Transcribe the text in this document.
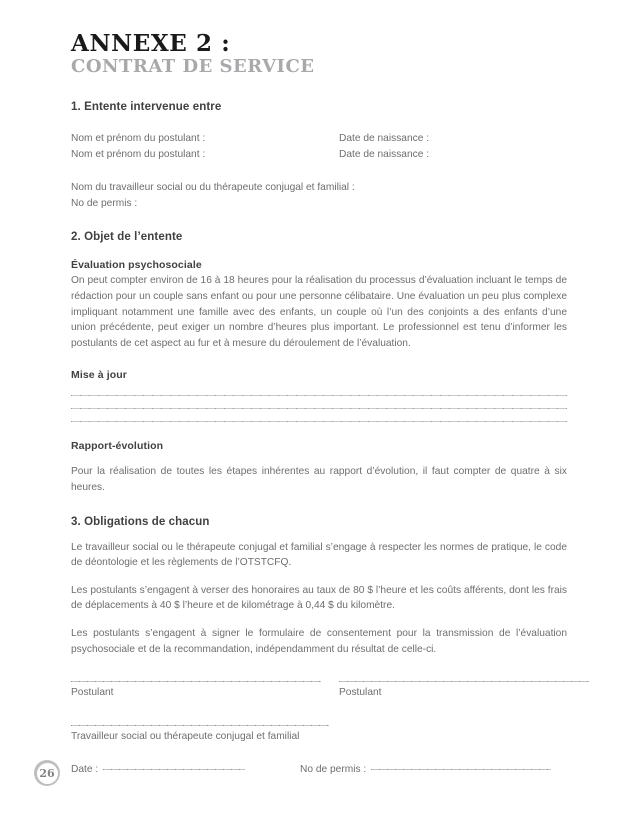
ANNEXE 2 :
CONTRAT DE SERVICE
1. Entente intervenue entre
Nom et prénom du postulant :	Date de naissance :
Nom et prénom du postulant :	Date de naissance :
Nom du travailleur social ou du thérapeute conjugal et familial :
No de permis :
2. Objet de l’entente
Évaluation psychosociale
On peut compter environ de 16 à 18 heures pour la réalisation du processus d’évaluation incluant le temps de rédaction pour un couple sans enfant ou pour une personne célibataire. Une évaluation un peu plus complexe impliquant notamment une famille avec des enfants, un couple où l’un des conjoints a des enfants d’une union précédente, peut exiger un nombre d’heures plus important. Le professionnel est tenu d’informer les postulants de cet aspect au fur et à mesure du déroulement de l’évaluation.
Mise à jour
Rapport-évolution
Pour la réalisation de toutes les étapes inhérentes au rapport d’évolution, il faut compter de quatre à six heures.
3. Obligations de chacun
Le travailleur social ou le thérapeute conjugal et familial s’engage à respecter les normes de pratique, le code de déontologie et les règlements de l’OTSTCFQ.
Les postulants s’engagent à verser des honoraires au taux de 80 $ l’heure et les coûts afférents, dont les frais de déplacements à 40 $ l’heure et de kilométrage à 0,44 $ du kilomètre.
Les postulants s’engagent à signer le formulaire de consentement pour la transmission de l’évaluation psychosociale et de la recommandation, indépendamment du résultat de celle-ci.
Postulant	Postulant
Travailleur social ou thérapeute conjugal et familial
Date :	No de permis :
26
